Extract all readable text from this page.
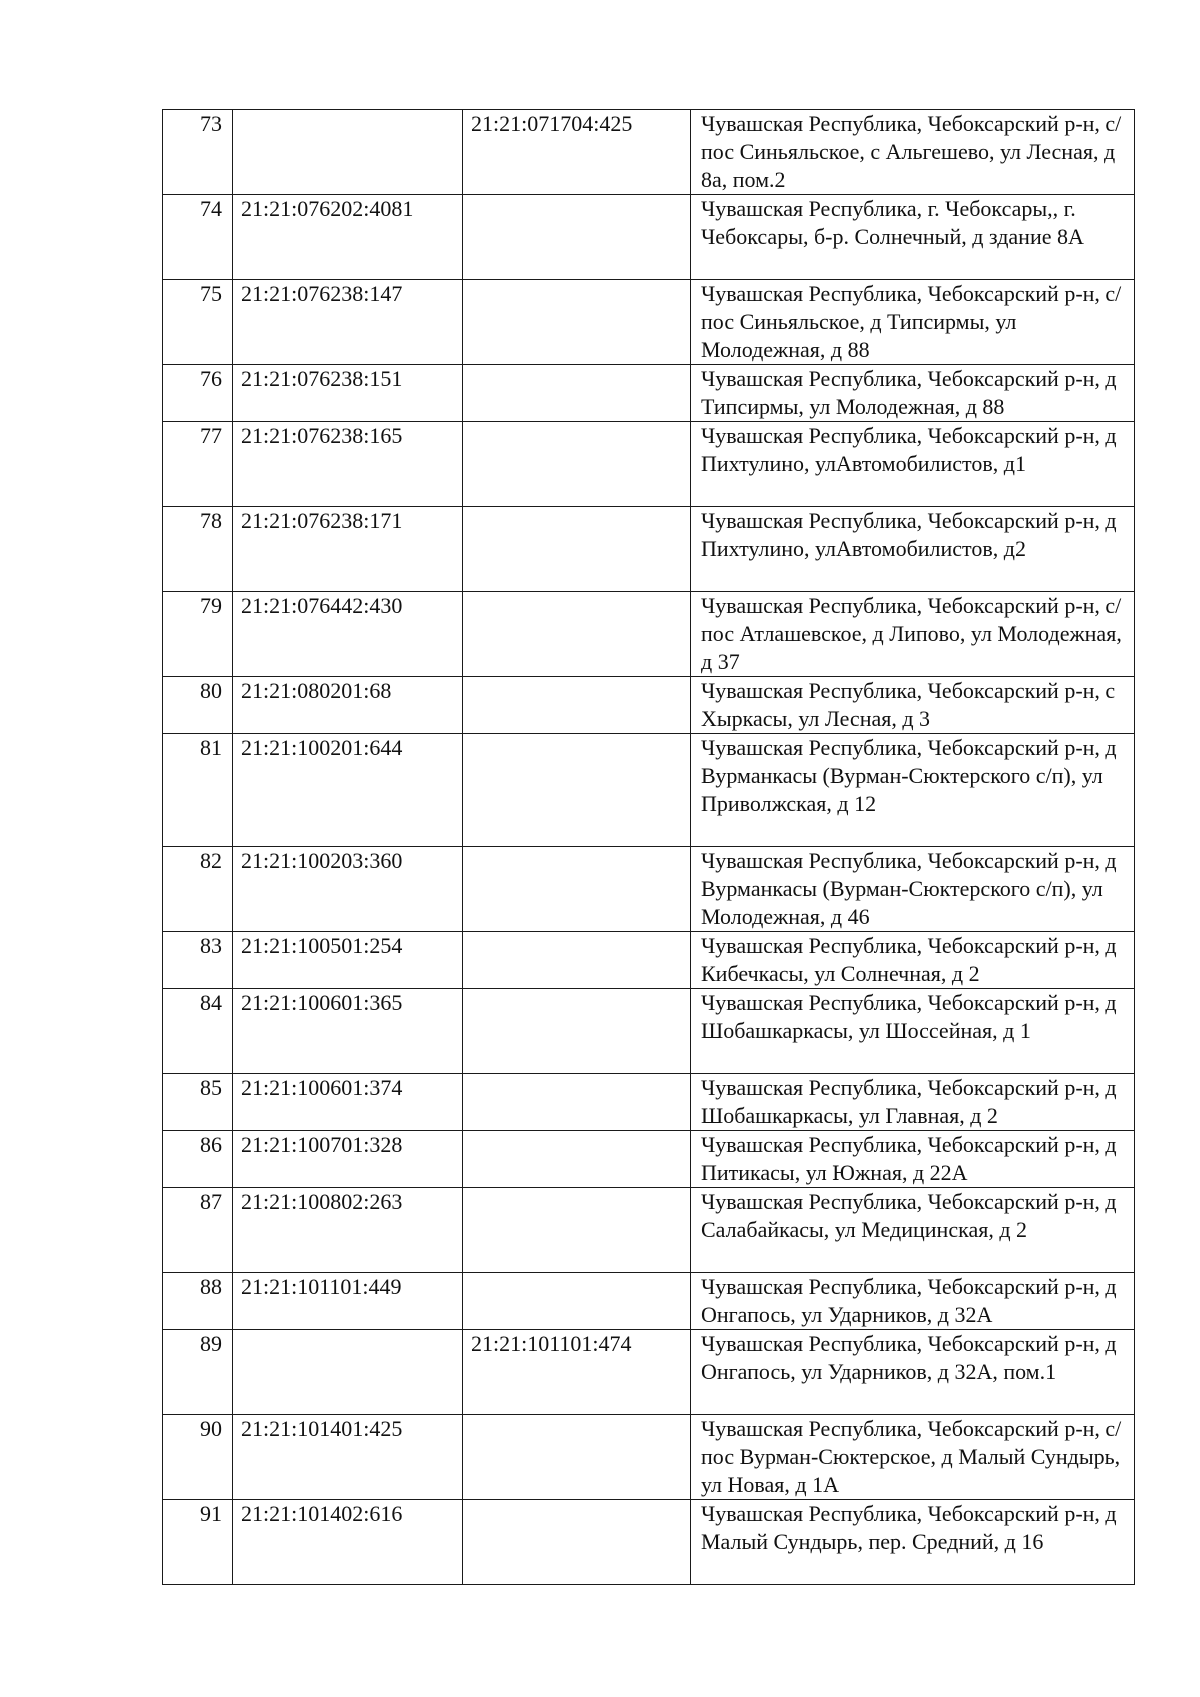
73		21:21:071704:425	Чувашская Республика, Чебоксарский р-н, с/пос Синьяльское, с Альгешево, ул Лесная, д 8а, пом.2
74	21:21:076202:4081		Чувашская Республика, г. Чебоксары,, г. Чебоксары, б-р. Солнечный, д здание 8А
75	21:21:076238:147		Чувашская Республика, Чебоксарский р-н, с/пос Синьяльское, д Типсирмы, ул Молодежная, д 88
76	21:21:076238:151		Чувашская Республика, Чебоксарский р-н, д Типсирмы, ул Молодежная, д 88
77	21:21:076238:165		Чувашская Республика, Чебоксарский р-н, д Пихтулино, улАвтомобилистов, д1
78	21:21:076238:171		Чувашская Республика, Чебоксарский р-н, д Пихтулино, улАвтомобилистов, д2
79	21:21:076442:430		Чувашская Республика, Чебоксарский р-н, с/пос Атлашевское, д Липово, ул Молодежная, д 37
80	21:21:080201:68		Чувашская Республика, Чебоксарский р-н, с Хыркасы, ул Лесная, д 3
81	21:21:100201:644		Чувашская Республика, Чебоксарский р-н, д Вурманкасы (Вурман-Сюктерского с/п), ул Приволжская, д 12
82	21:21:100203:360		Чувашская Республика, Чебоксарский р-н, д Вурманкасы (Вурман-Сюктерского с/п), ул Молодежная, д 46
83	21:21:100501:254		Чувашская Республика, Чебоксарский р-н, д Кибечкасы, ул Солнечная, д 2
84	21:21:100601:365		Чувашская Республика, Чебоксарский р-н, д Шобашкаркасы, ул Шоссейная, д 1
85	21:21:100601:374		Чувашская Республика, Чебоксарский р-н, д Шобашкаркасы, ул Главная, д 2
86	21:21:100701:328		Чувашская Республика, Чебоксарский р-н, д Питикасы, ул Южная, д 22А
87	21:21:100802:263		Чувашская Республика, Чебоксарский р-н, д Салабайкасы, ул Медицинская, д 2
88	21:21:101101:449		Чувашская Республика, Чебоксарский р-н, д Онгапось, ул Ударников, д 32А
89		21:21:101101:474	Чувашская Республика, Чебоксарский р-н, д Онгапось, ул Ударников, д 32А, пом.1
90	21:21:101401:425		Чувашская Республика, Чебоксарский р-н, с/пос Вурман-Сюктерское, д Малый Сундырь, ул Новая, д 1А
91	21:21:101402:616		Чувашская Республика, Чебоксарский р-н, д Малый Сундырь, пер. Средний, д 16
